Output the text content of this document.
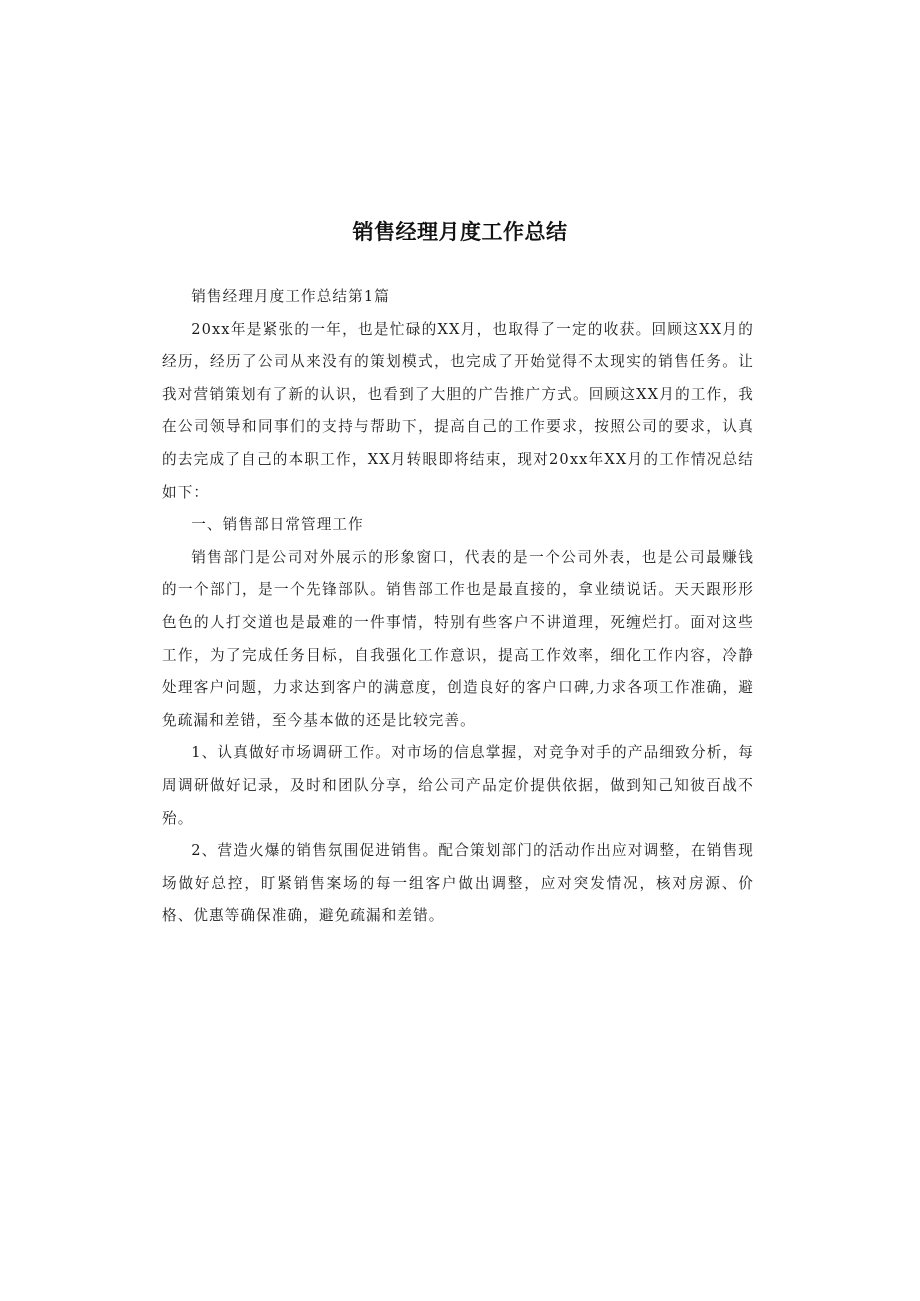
销售经理月度工作总结

销售经理月度工作总结第1篇

20xx年是紧张的一年，也是忙碌的XX月，也取得了一定的收获。回顾这XX月的经历，经历了公司从来没有的策划模式，也完成了开始觉得不太现实的销售任务。让我对营销策划有了新的认识，也看到了大胆的广告推广方式。回顾这XX月的工作，我在公司领导和同事们的支持与帮助下，提高自己的工作要求，按照公司的要求，认真的去完成了自己的本职工作，XX月转眼即将结束，现对20xx年XX月的工作情况总结如下：

一、销售部日常管理工作

销售部门是公司对外展示的形象窗口，代表的是一个公司外表，也是公司最赚钱的一个部门，是一个先锋部队。销售部工作也是最直接的，拿业绩说话。天天跟形形色色的人打交道也是最难的一件事情，特别有些客户不讲道理，死缠烂打。面对这些工作，为了完成任务目标，自我强化工作意识，提高工作效率，细化工作内容，冷静处理客户问题，力求达到客户的满意度，创造良好的客户口碑,力求各项工作准确，避免疏漏和差错，至今基本做的还是比较完善。

1、认真做好市场调研工作。对市场的信息掌握，对竞争对手的产品细致分析，每周调研做好记录，及时和团队分享，给公司产品定价提供依据，做到知己知彼百战不殆。

2、营造火爆的销售氛围促进销售。配合策划部门的活动作出应对调整，在销售现场做好总控，盯紧销售案场的每一组客户做出调整，应对突发情况，核对房源、价格、优惠等确保准确，避免疏漏和差错。
